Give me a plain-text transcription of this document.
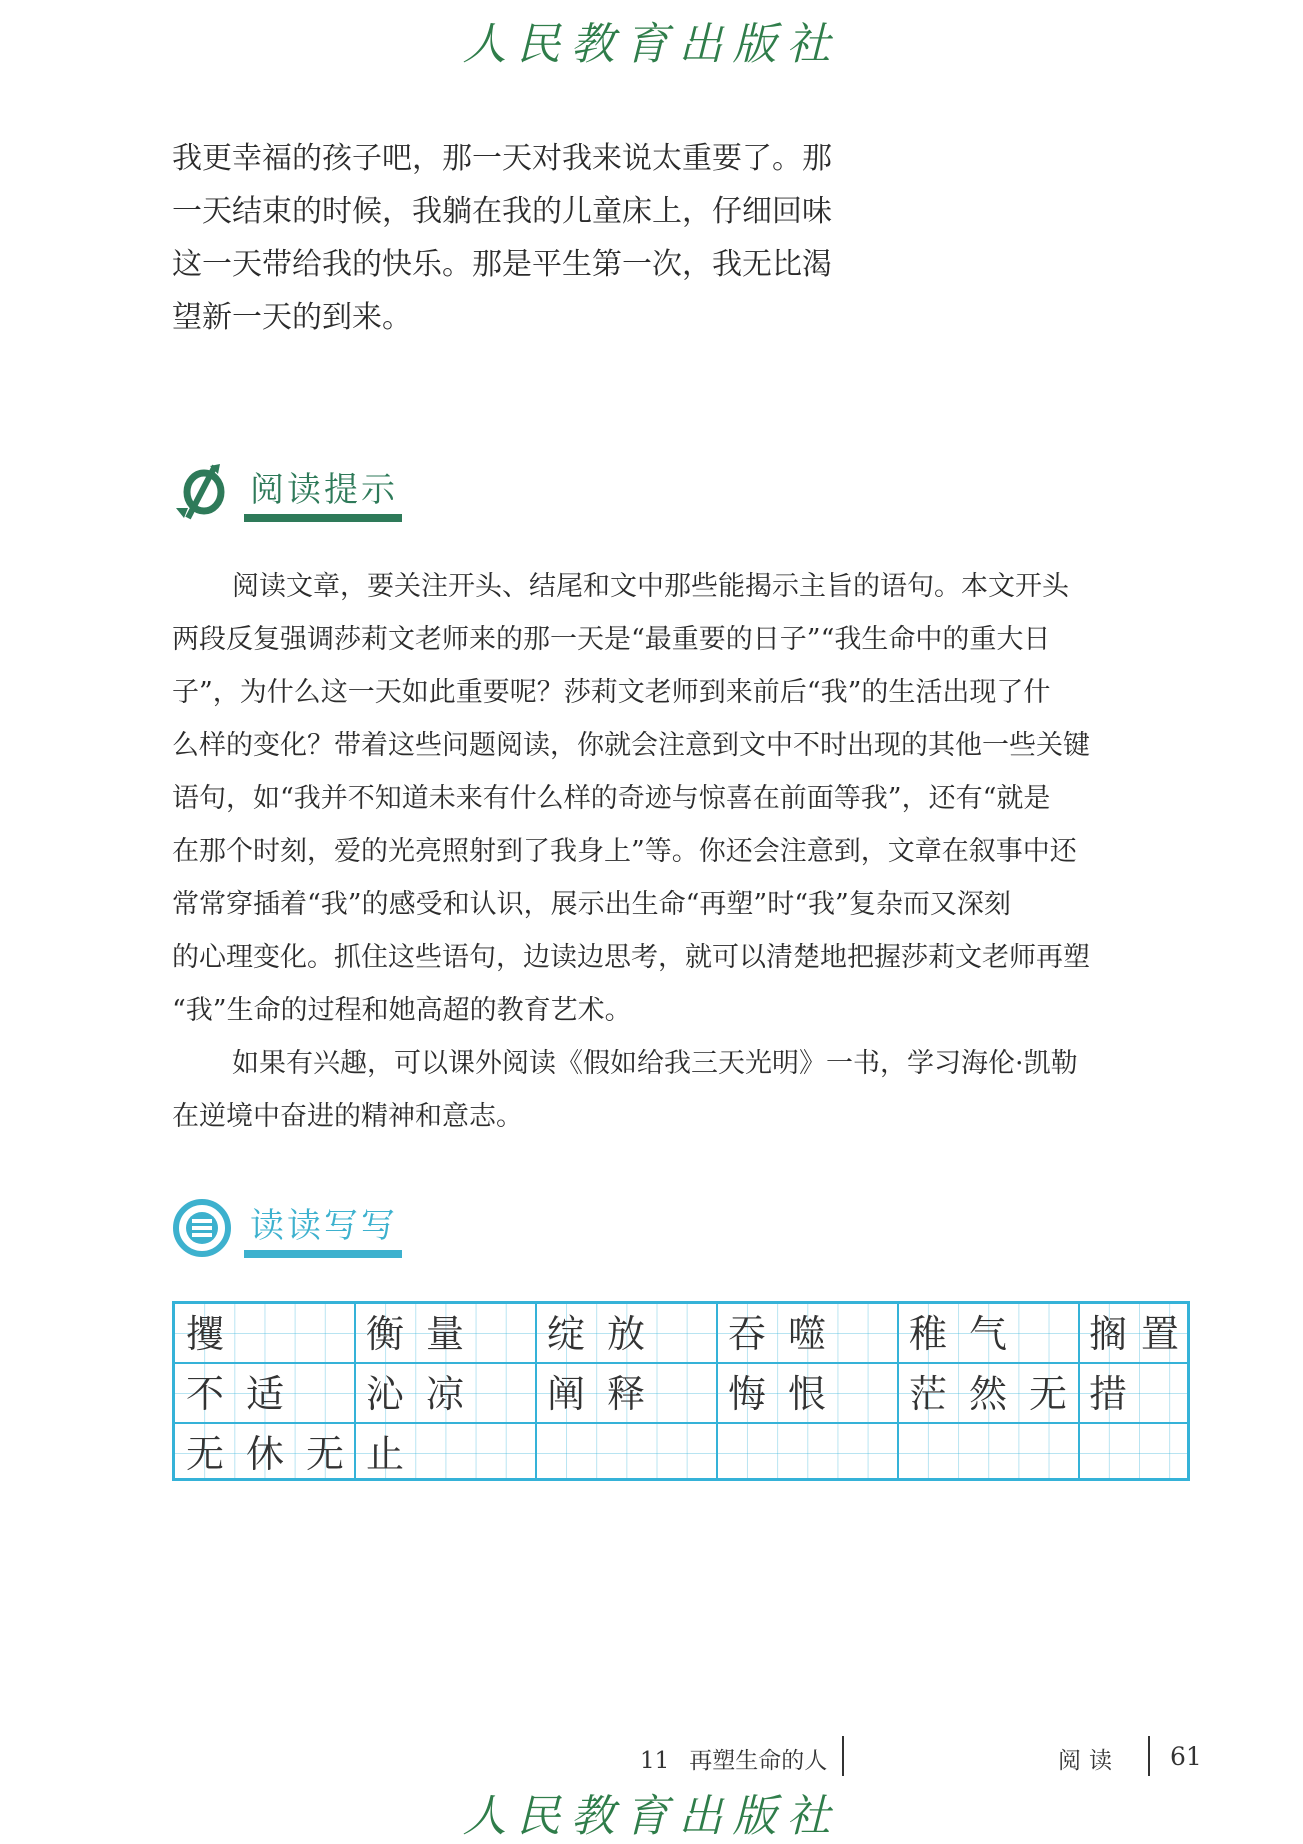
人民教育出版社
我更幸福的孩子吧，那一天对我来说太重要了。那
一天结束的时候，我躺在我的儿童床上，仔细回味
这一天带给我的快乐。那是平生第一次，我无比渴
望新一天的到来。
阅读提示
阅读文章，要关注开头、结尾和文中那些能揭示主旨的语句。本文开头
两段反复强调莎莉文老师来的那一天是“最重要的日子”“我生命中的重大日
子”，为什么这一天如此重要呢？莎莉文老师到来前后“我”的生活出现了什
么样的变化？带着这些问题阅读，你就会注意到文中不时出现的其他一些关键
语句，如“我并不知道未来有什么样的奇迹与惊喜在前面等我”，还有“就是
在那个时刻，爱的光亮照射到了我身上”等。你还会注意到，文章在叙事中还
常常穿插着“我”的感受和认识，展示出生命“再塑”时“我”复杂而又深刻
的心理变化。抓住这些语句，边读边思考，就可以清楚地把握莎莉文老师再塑
“我”生命的过程和她高超的教育艺术。
如果有兴趣，可以课外阅读《假如给我三天光明》一书，学习海伦·凯勒
在逆境中奋进的精神和意志。
读读写写
攫	衡 量 绽 放 吞 噬 稚 气 搁 置
不 适 沁 凉 阐 释 悔 恨 茫 然 无 措
无 休 无 止
11 再塑生命的人	阅读 61
人民教育出版社
